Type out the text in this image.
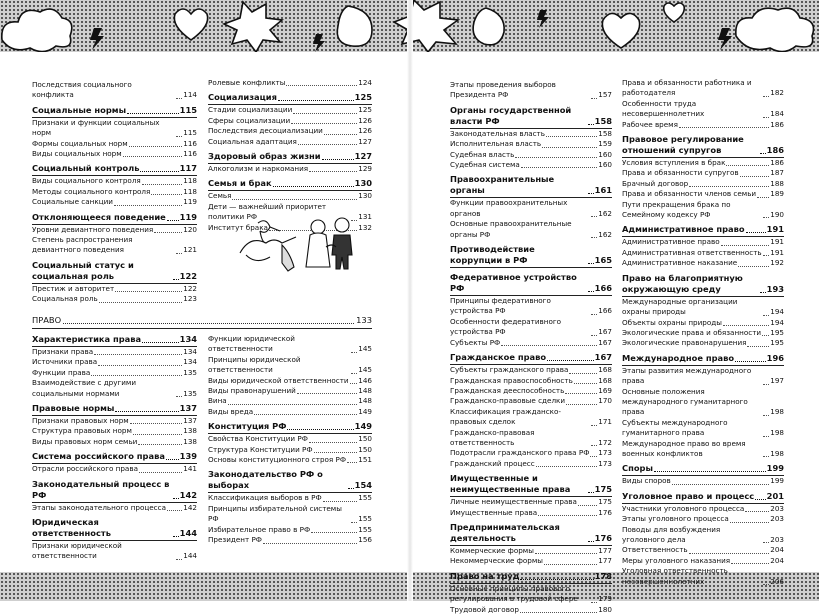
Последствия социального конфликта	114
Социальные нормы	115
Признаки и функции социальных норм	115
Формы социальных норм	116
Виды социальных норм	116
Социальный контроль	117
Виды социального контроля	118
Методы социального контроля	118
Социальные санкции	119
Отклоняющееся поведение 119
Уровни девиантного поведения	120
Степень распространения девиантного поведения	121
Социальный статус и социальная роль	122
Престиж и авторитет	122
Социальная роль	123
Ролевые конфликты	124
Социализация	125
Стадии социализации	125
Сферы социализации	126
Последствия десоциализации	126
Социальная адаптация	127
Здоровый образ жизни	127
Алкоголизм и наркомания	129
Семья и брак	130
Семья	130
Дети — важнейший приоритет политики РФ	131
Институт брака	132
ПРАВО	133
Характеристика права	134
Признаки права	134
Источники права	134
Функции права	135
Взаимодействие с другими социальными нормами	135
Правовые нормы	137
Признаки правовых норм	137
Структура правовых норм	138
Виды правовых норм семьи	138
Система российского права 139
Отрасли российского права	141
Законодательный процесс в РФ	142
Этапы законодательного процесса 142
Юридическая ответственность	144
Признаки юридической ответственности	144
Функции юридической ответственности	145
Принципы юридической ответственности	145
Виды юридической ответственности 146
Виды правонарушений	148
Вина	148
Виды вреда	149
Конституция РФ	149
Свойства Конституции РФ	150
Структура Конституции РФ	150
Основы конституционного строя РФ 151
Законодательство РФ о выборах	154
Классификация выборов в РФ	155
Принципы избирательной системы РФ	155
Избирательное право в РФ	155
Президент РФ	156
Этапы проведения выборов Президента РФ	157
Органы государственной власти РФ	158
Законодательная власть	158
Исполнительная власть	159
Судебная власть	160
Судебная система	160
Правоохранительные органы	161
Функции правоохранительных органов	162
Основные правоохранительные органы РФ	162
Противодействие коррупции в РФ	165
Федеративное устройство РФ	166
Принципы федеративного устройства РФ	166
Особенности федеративного устройства РФ	167
Субъекты РФ	167
Гражданское право	167
Субъекты гражданского права	168
Гражданская правоспособность	168
Гражданская дееспособность	169
Гражданско-правовые сделки	170
Классификация гражданско-правовых сделок	171
Гражданско-правовая ответственность	172
Подотрасли гражданского права РФ 173
Гражданский процесс	173
Имущественные и неимущественные права	175
Личные неимущественные права	175
Имущественные права	176
Предпринимательская деятельность	176
Коммерческие формы	177
Некоммерческие формы	177
Право на труд	178
Основные принципы правового регулирования в трудовой сфере	179
Трудовой договор	180
Права и обязанности работника и работодателя	182
Особенности труда несовершеннолетних	184
Рабочее время	186
Правовое регулирование отношений супругов	186
Условия вступления в брак	186
Права и обязанности супругов	187
Брачный договор	188
Права и обязанности членов семьи 189
Пути прекращения брака по Семейному кодексу РФ	190
Административное право	191
Административное право	191
Административная ответственность 191
Административное наказание	192
Право на благоприятную окружающую среду	193
Международные организации охраны природы	194
Объекты охраны природы	194
Экологические права и обязанности 195
Экологические правонарушения	195
Международное право	196
Этапы развития международного права	197
Основные положения международного гуманитарного права	198
Субъекты международного гуманитарного права	198
Международное право во время военных конфликтов	198
Споры	199
Виды споров	199
Уголовное право и процесс 201
Участники уголовного процесса	203
Этапы уголовного процесса	203
Поводы для возбуждения уголовного дела	203
Ответственность	204
Меры уголовного наказания	204
Уголовная ответственность несовершеннолетних	206
